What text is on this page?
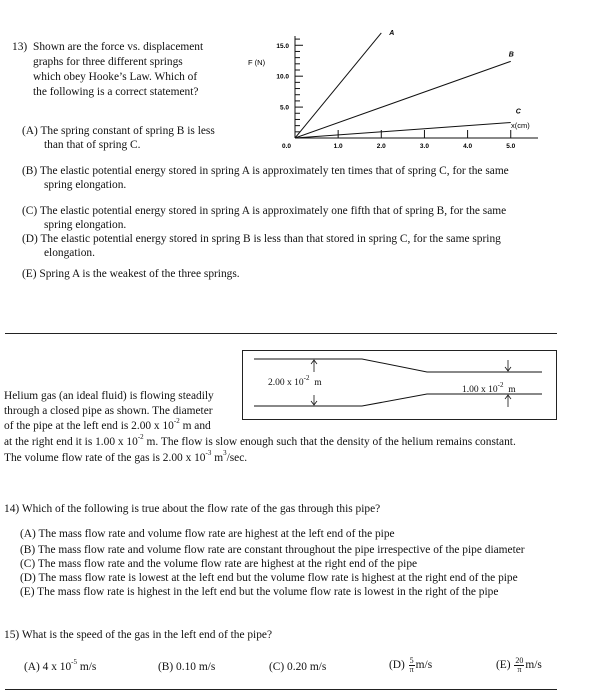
13) Shown are the force vs. displacement
graphs for three different springs
which obey Hooke’s Law. Which of
the following is a correct statement?
F (N)
x(cm)
0.0	1.0	2.0	3.0	4.0	5.0
15.0
10.0
5.0
A
B
C
(A) The spring constant of spring B is less
than that of spring C.
(B) The elastic potential energy stored in spring A is approximately ten times that of spring C, for the same
spring elongation.
(C) The elastic potential energy stored in spring A is approximately one fifth that of spring B, for the same
spring elongation.
(D) The elastic potential energy stored in spring B is less than that stored in spring C, for the same spring
elongation.
(E) Spring A is the weakest of the three springs.
2.00 x $10^{-2}$  m
1.00 x $10^{-2}$  m
Helium gas (an ideal fluid) is flowing steadily
through a closed pipe as shown. The diameter
of the pipe at the left end is 2.00 x $10^{-2}$ m and
at the right end it is 1.00 x $10^{-2}$ m. The flow is slow enough such that the density of the helium remains constant.
The volume flow rate of the gas is 2.00 x $10^{-3}$ $m^3/\sec$.
14) Which of the following is true about the flow rate of the gas through this pipe?
(A) The mass flow rate and volume flow rate are highest at the left end of the pipe
(B) The mass flow rate and volume flow rate are constant throughout the pipe irrespective of the pipe diameter
(C) The mass flow rate and the volume flow rate are highest at the right end of the pipe
(D) The mass flow rate is lowest at the left end but the volume flow rate is highest at the right end of the pipe
(E) The mass flow rate is highest in the left end but the volume flow rate is lowest in the right of the pipe
15) What is the speed of the gas in the left end of the pipe?
(A) 4 x $10^{-5}$ m/s	(B) 0.10 m/s	(C) 0.20 m/s	$(D) \frac{5}{\pi} m/s$	$(E) \frac{20}{\pi} m/s$
